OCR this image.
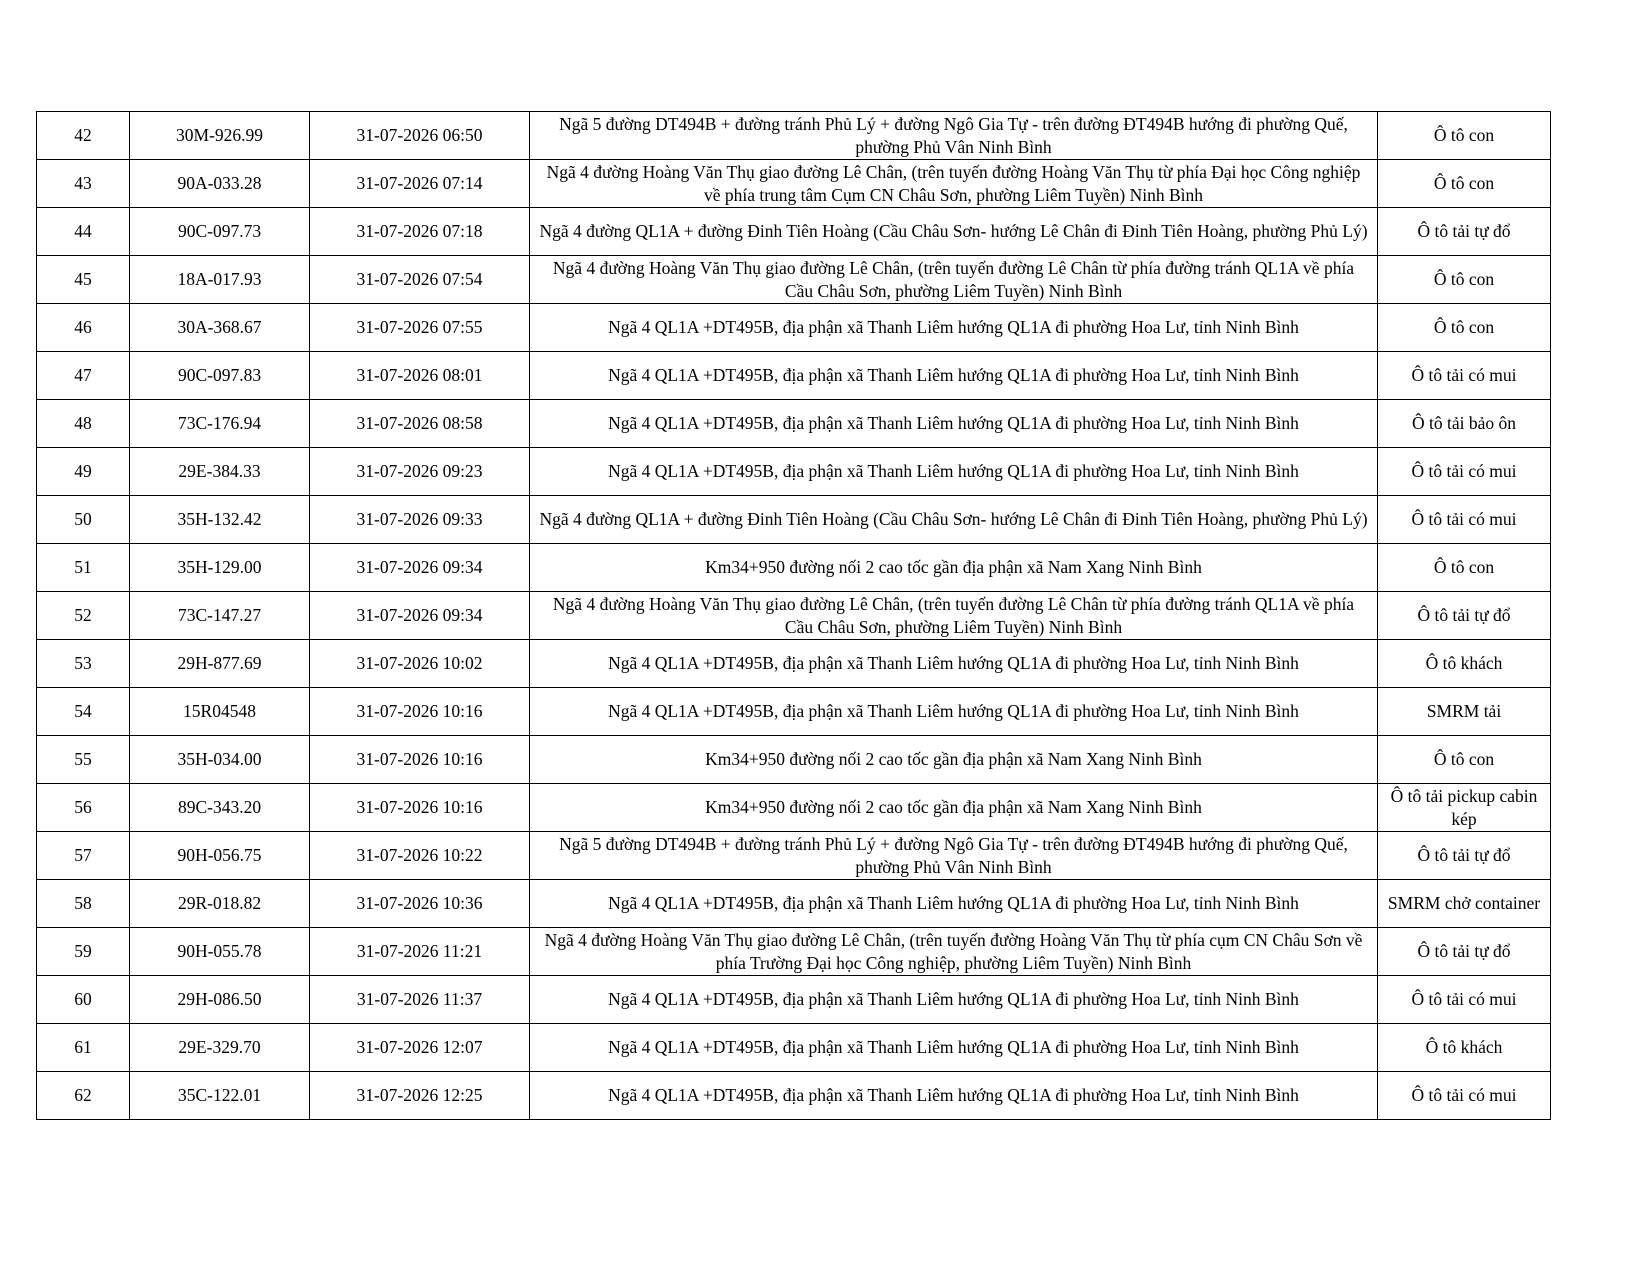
42	30M-926.99	31-07-2026 06:50	Ngã 5 đường DT494B + đường tránh Phủ Lý + đường Ngô Gia Tự - trên đường ĐT494B hướng đi phường Quế, phường Phủ Vân Ninh Bình	Ô tô con
43	90A-033.28	31-07-2026 07:14	Ngã 4 đường Hoàng Văn Thụ giao đường Lê Chân, (trên tuyến đường Hoàng Văn Thụ từ phía Đại học Công nghiệp về phía trung tâm Cụm CN Châu Sơn, phường Liêm Tuyền) Ninh Bình	Ô tô con
44	90C-097.73	31-07-2026 07:18	Ngã 4 đường QL1A + đường Đinh Tiên Hoàng (Cầu Châu Sơn- hướng Lê Chân đi Đinh Tiên Hoàng, phường Phủ Lý)	Ô tô tải tự đổ
45	18A-017.93	31-07-2026 07:54	Ngã 4 đường Hoàng Văn Thụ giao đường Lê Chân, (trên tuyến đường Lê Chân từ phía đường tránh QL1A về phía Cầu Châu Sơn, phường Liêm Tuyền) Ninh Bình	Ô tô con
46	30A-368.67	31-07-2026 07:55	Ngã 4 QL1A +DT495B, địa phận xã Thanh Liêm hướng QL1A đi phường Hoa Lư, tỉnh Ninh Bình	Ô tô con
47	90C-097.83	31-07-2026 08:01	Ngã 4 QL1A +DT495B, địa phận xã Thanh Liêm hướng QL1A đi phường Hoa Lư, tỉnh Ninh Bình	Ô tô tải có mui
48	73C-176.94	31-07-2026 08:58	Ngã 4 QL1A +DT495B, địa phận xã Thanh Liêm hướng QL1A đi phường Hoa Lư, tỉnh Ninh Bình	Ô tô tải bảo ôn
49	29E-384.33	31-07-2026 09:23	Ngã 4 QL1A +DT495B, địa phận xã Thanh Liêm hướng QL1A đi phường Hoa Lư, tỉnh Ninh Bình	Ô tô tải có mui
50	35H-132.42	31-07-2026 09:33	Ngã 4 đường QL1A + đường Đinh Tiên Hoàng (Cầu Châu Sơn- hướng Lê Chân đi Đinh Tiên Hoàng, phường Phủ Lý)	Ô tô tải có mui
51	35H-129.00	31-07-2026 09:34	Km34+950 đường nối 2 cao tốc gần địa phận xã Nam Xang Ninh Bình	Ô tô con
52	73C-147.27	31-07-2026 09:34	Ngã 4 đường Hoàng Văn Thụ giao đường Lê Chân, (trên tuyến đường Lê Chân từ phía đường tránh QL1A về phía Cầu Châu Sơn, phường Liêm Tuyền) Ninh Bình	Ô tô tải tự đổ
53	29H-877.69	31-07-2026 10:02	Ngã 4 QL1A +DT495B, địa phận xã Thanh Liêm hướng QL1A đi phường Hoa Lư, tỉnh Ninh Bình	Ô tô khách
54	15R04548	31-07-2026 10:16	Ngã 4 QL1A +DT495B, địa phận xã Thanh Liêm hướng QL1A đi phường Hoa Lư, tỉnh Ninh Bình	SMRM tải
55	35H-034.00	31-07-2026 10:16	Km34+950 đường nối 2 cao tốc gần địa phận xã Nam Xang Ninh Bình	Ô tô con
56	89C-343.20	31-07-2026 10:16	Km34+950 đường nối 2 cao tốc gần địa phận xã Nam Xang Ninh Bình	Ô tô tải pickup cabin kép
57	90H-056.75	31-07-2026 10:22	Ngã 5 đường DT494B + đường tránh Phủ Lý + đường Ngô Gia Tự - trên đường ĐT494B hướng đi phường Quế, phường Phủ Vân Ninh Bình	Ô tô tải tự đổ
58	29R-018.82	31-07-2026 10:36	Ngã 4 QL1A +DT495B, địa phận xã Thanh Liêm hướng QL1A đi phường Hoa Lư, tỉnh Ninh Bình	SMRM chở container
59	90H-055.78	31-07-2026 11:21	Ngã 4 đường Hoàng Văn Thụ giao đường Lê Chân, (trên tuyến đường Hoàng Văn Thụ từ phía cụm CN Châu Sơn về phía Trường Đại học Công nghiệp, phường Liêm Tuyền) Ninh Bình	Ô tô tải tự đổ
60	29H-086.50	31-07-2026 11:37	Ngã 4 QL1A +DT495B, địa phận xã Thanh Liêm hướng QL1A đi phường Hoa Lư, tỉnh Ninh Bình	Ô tô tải có mui
61	29E-329.70	31-07-2026 12:07	Ngã 4 QL1A +DT495B, địa phận xã Thanh Liêm hướng QL1A đi phường Hoa Lư, tỉnh Ninh Bình	Ô tô khách
62	35C-122.01	31-07-2026 12:25	Ngã 4 QL1A +DT495B, địa phận xã Thanh Liêm hướng QL1A đi phường Hoa Lư, tỉnh Ninh Bình	Ô tô tải có mui
